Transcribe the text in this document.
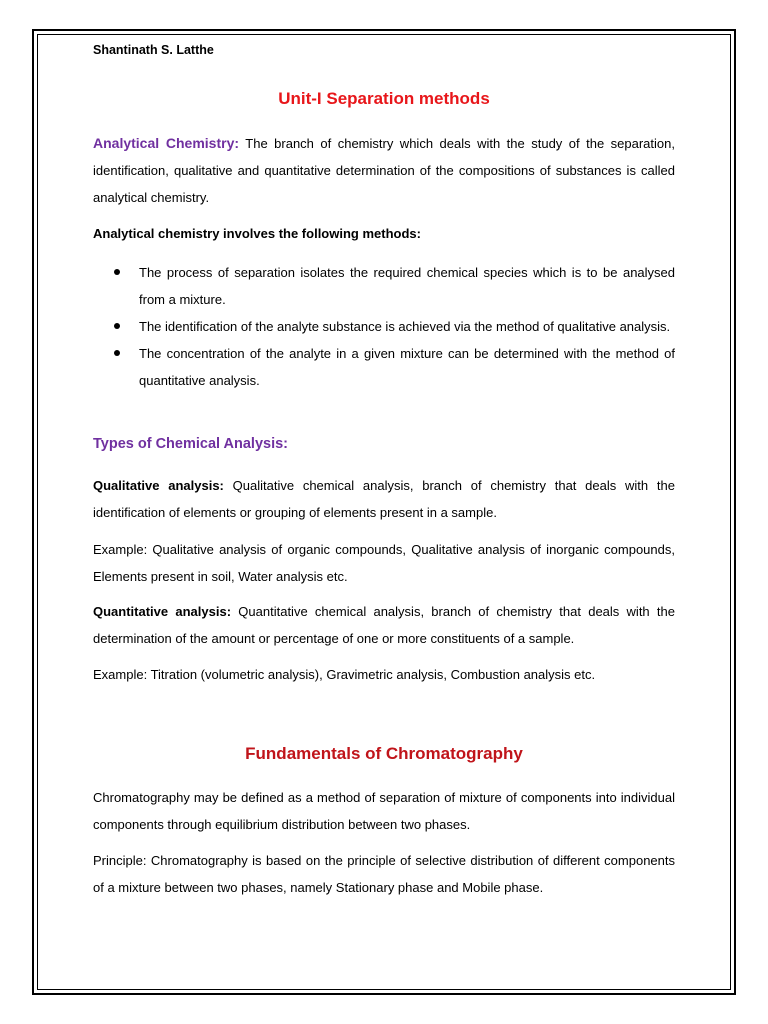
Shantinath S. Latthe
Unit-I Separation methods
Analytical Chemistry: The branch of chemistry which deals with the study of the separation, identification, qualitative and quantitative determination of the compositions of substances is called analytical chemistry.
Analytical chemistry involves the following methods:
The process of separation isolates the required chemical species which is to be analysed from a mixture.
The identification of the analyte substance is achieved via the method of qualitative analysis.
The concentration of the analyte in a given mixture can be determined with the method of quantitative analysis.
Types of Chemical Analysis:
Qualitative analysis: Qualitative chemical analysis, branch of chemistry that deals with the identification of elements or grouping of elements present in a sample.
Example: Qualitative analysis of organic compounds, Qualitative analysis of inorganic compounds, Elements present in soil, Water analysis etc.
Quantitative analysis: Quantitative chemical analysis, branch of chemistry that deals with the determination of the amount or percentage of one or more constituents of a sample.
Example: Titration (volumetric analysis), Gravimetric analysis, Combustion analysis etc.
Fundamentals of Chromatography
Chromatography may be defined as a method of separation of mixture of components into individual components through equilibrium distribution between two phases.
Principle: Chromatography is based on the principle of selective distribution of different components of a mixture between two phases, namely Stationary phase and Mobile phase.
